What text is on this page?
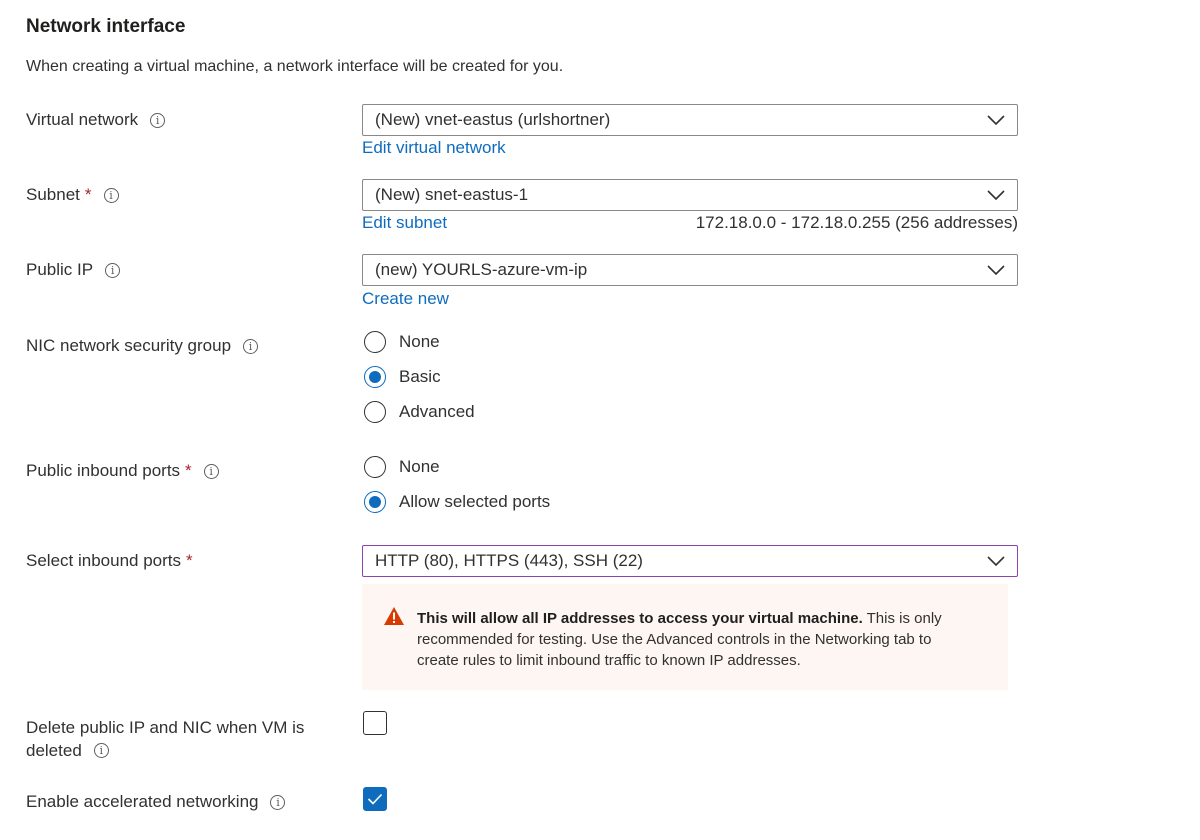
Network interface
When creating a virtual machine, a network interface will be created for you.
Virtual network	i	(New) vnet-eastus (urlshortner)
Edit virtual network
Subnet *	i	(New) snet-eastus-1
Edit subnet	172.18.0.0 - 172.18.0.255 (256 addresses)
Public IP	i	(new) YOURLS-azure-vm-ip
Create new
NIC network security group	i	None
Basic
Advanced
Public inbound ports *	i	None
Allow selected ports
Select inbound ports *	HTTP (80), HTTPS (443), SSH (22)
This will allow all IP addresses to access your virtual machine. This is only
recommended for testing. Use the Advanced controls in the Networking tab to
create rules to limit inbound traffic to known IP addresses.
Delete public IP and NIC when VM is
deleted	i
Enable accelerated networking	i
